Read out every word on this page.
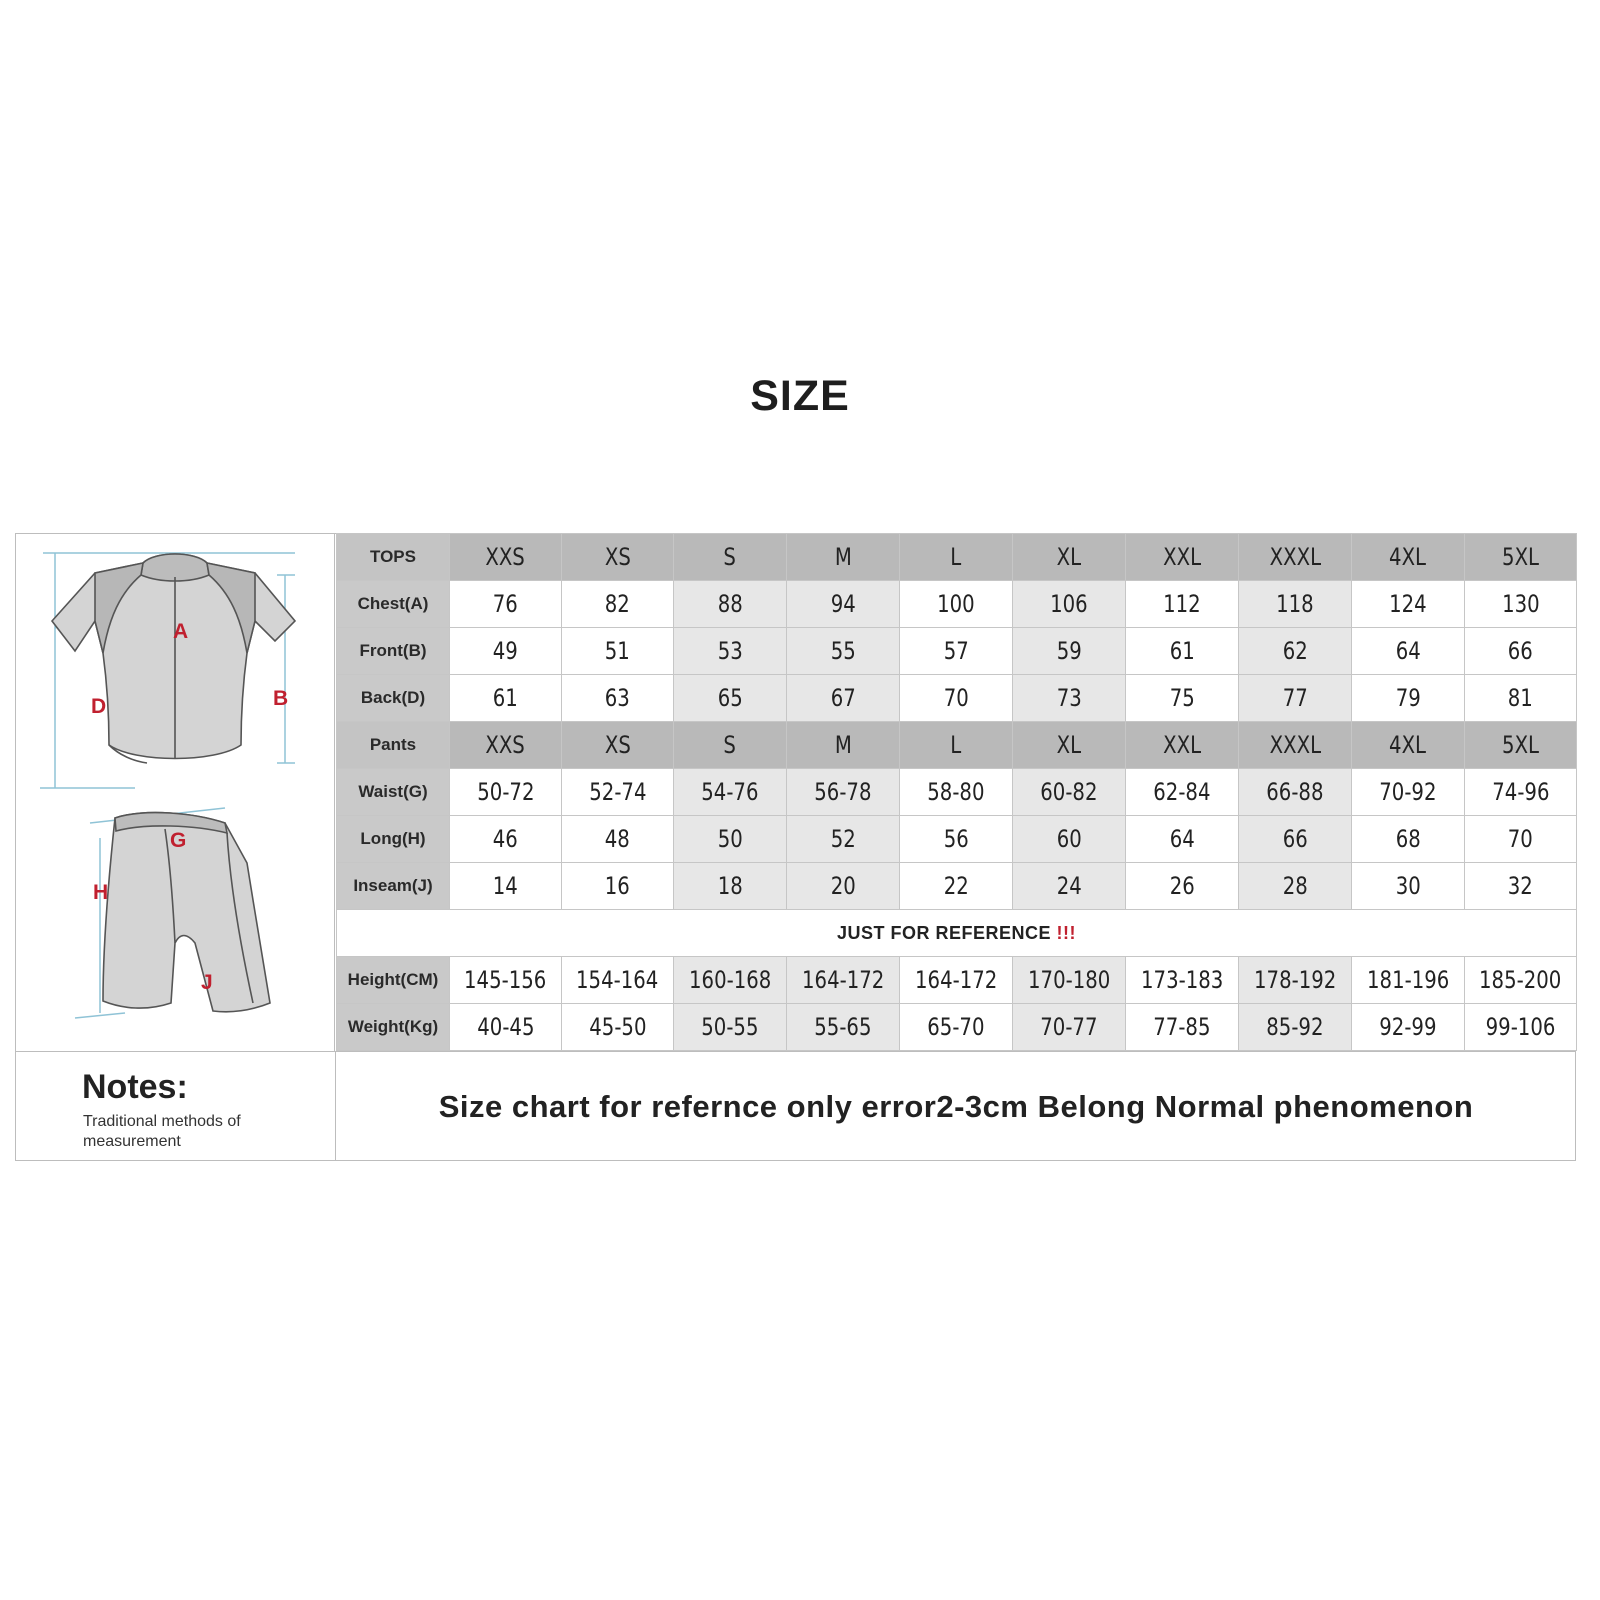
SIZE
A
B
D
G
H
J
TOPS	XXS	XS	S	M	L	XL	XXL	XXXL	4XL	5XL
Chest(A)	76	82	88	94	100	106	112	118	124	130
Front(B)	49	51	53	55	57	59	61	62	64	66
Back(D)	61	63	65	67	70	73	75	77	79	81
Pants	XXS	XS	S	M	L	XL	XXL	XXXL	4XL	5XL
Waist(G)	50-72	52-74	54-76	56-78	58-80	60-82	62-84	66-88	70-92	74-96
Long(H)	46	48	50	52	56	60	64	66	68	70
Inseam(J)	14	16	18	20	22	24	26	28	30	32
JUST FOR REFERENCE !!!										
Height(CM)	145-156	154-164	160-168	164-172	164-172	170-180	173-183	178-192	181-196	185-200
Weight(Kg)	40-45	45-50	50-55	55-65	65-70	70-77	77-85	85-92	92-99	99-106
Notes:
Traditional methods of measurement
Size chart for refernce only error2-3cm Belong Normal phenomenon
